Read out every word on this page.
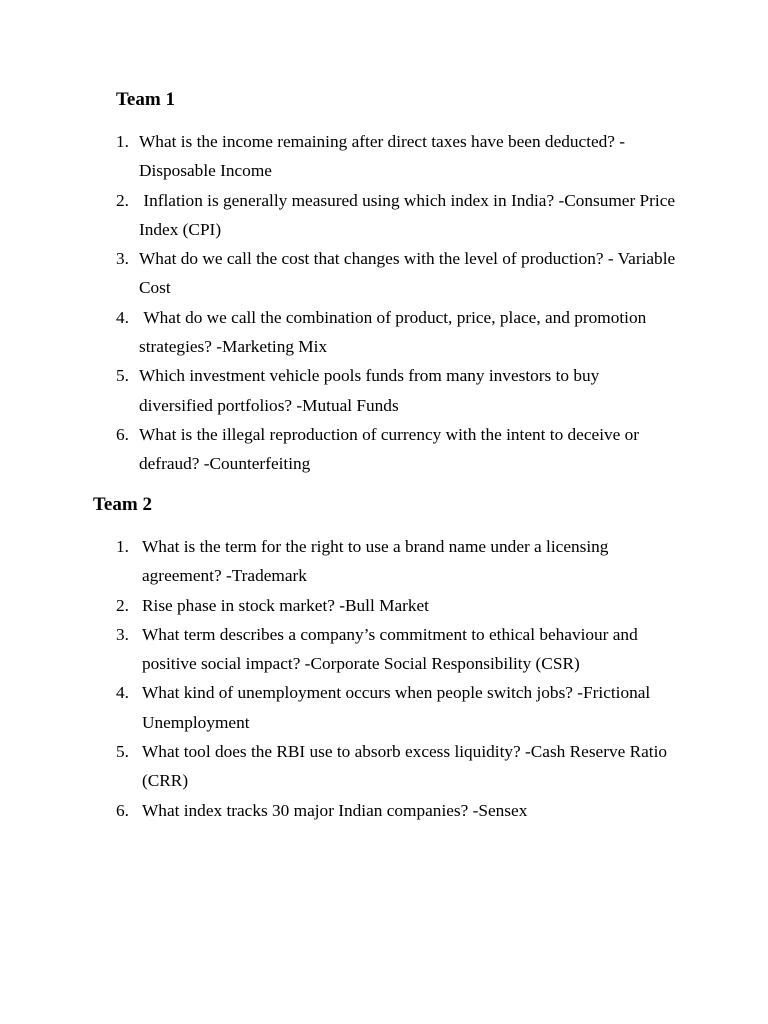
Team 1
1. What is the income remaining after direct taxes have been deducted? - Disposable Income
2. Inflation is generally measured using which index in India? -Consumer Price Index (CPI)
3. What do we call the cost that changes with the level of production? - Variable Cost
4. What do we call the combination of product, price, place, and promotion strategies? -Marketing Mix
5. Which investment vehicle pools funds from many investors to buy diversified portfolios? -Mutual Funds
6. What is the illegal reproduction of currency with the intent to deceive or defraud? -Counterfeiting
Team 2
1. What is the term for the right to use a brand name under a licensing agreement? -Trademark
2. Rise phase in stock market? -Bull Market
3. What term describes a company’s commitment to ethical behaviour and positive social impact? -Corporate Social Responsibility (CSR)
4. What kind of unemployment occurs when people switch jobs? -Frictional Unemployment
5. What tool does the RBI use to absorb excess liquidity? -Cash Reserve Ratio (CRR)
6. What index tracks 30 major Indian companies? -Sensex
